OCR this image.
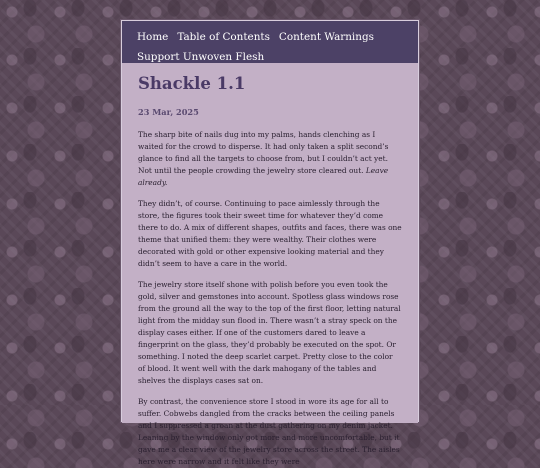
Home Table of Contents Content Warnings
Support Unwoven Flesh
Shackle 1.1
23 Mar, 2025

The sharp bite of nails dug into my palms, hands clenching as I waited for the crowd to disperse. It had only taken a split second’s glance to find all the targets to choose from, but I couldn’t act yet. Not until the people crowding the jewelry store cleared out. Leave already.

They didn’t, of course. Continuing to pace aimlessly through the store, the figures took their sweet time for whatever they’d come there to do. A mix of different shapes, outfits and faces, there was one theme that unified them: they were wealthy. Their clothes were decorated with gold or other expensive looking material and they didn’t seem to have a care in the world.

The jewelry store itself shone with polish before you even took the gold, silver and gemstones into account. Spotless glass windows rose from the ground all the way to the top of the first floor, letting natural light from the midday sun flood in. There wasn’t a stray speck on the display cases either. If one of the customers dared to leave a fingerprint on the glass, they’d probably be executed on the spot. Or something. I noted the deep scarlet carpet. Pretty close to the color of blood. It went well with the dark mahogany of the tables and shelves the displays cases sat on.

By contrast, the convenience store I stood in wore its age for all to suffer. Cobwebs dangled from the cracks between the ceiling panels and I suppressed a groan at the dust gathering on my denim jacket. Leaning by the window only got more and more uncomfortable, but it gave me a clear view of the jewelry store across the street. The aisles here were narrow and it felt like they were
